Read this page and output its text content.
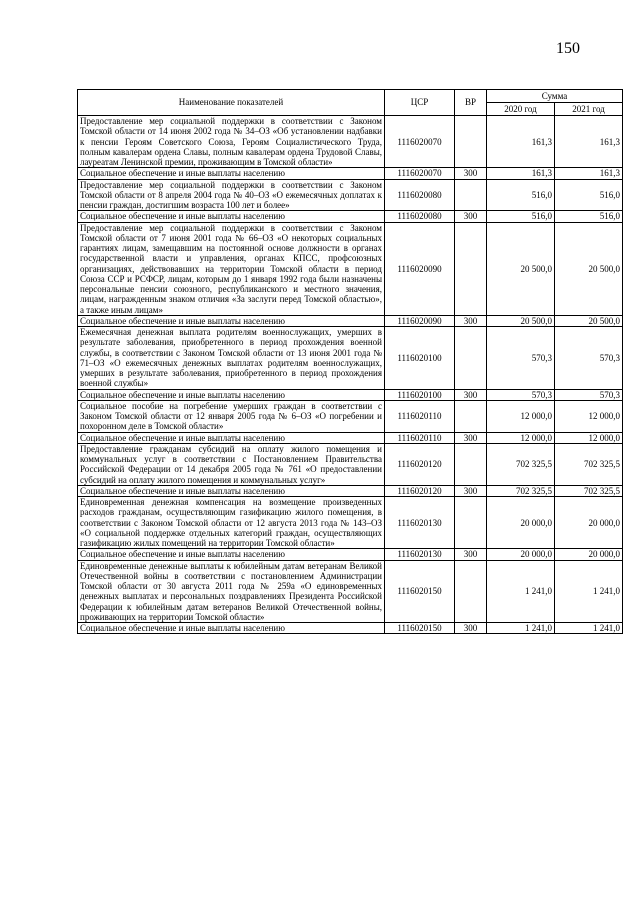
150
Наименование показателей	ЦСР	ВР	Сумма	
			2020 год	2021 год
Предоставление мер социальной поддержки в соответствии с Законом Томской области от 14 июня 2002 года № 34–ОЗ «Об установлении надбавки к пенсии Героям Советского Союза, Героям Социалистического Труда, полным кавалерам ордена Славы, полным кавалерам ордена Трудовой Славы, лауреатам Ленинской премии, проживающим в Томской области»	1116020070		161,3	161,3
Социальное обеспечение и иные выплаты населению	1116020070	300	161,3	161,3
Предоставление мер социальной поддержки в соответствии с Законом Томской области от 8 апреля 2004 года № 40–ОЗ «О ежемесячных доплатах к пенсии граждан, достигшим возраста 100 лет и более»	1116020080		516,0	516,0
Социальное обеспечение и иные выплаты населению	1116020080	300	516,0	516,0
Предоставление мер социальной поддержки в соответствии с Законом Томской области от 7 июня 2001 года № 66–ОЗ «О некоторых социальных гарантиях лицам, замещавшим на постоянной основе должности в органах государственной власти и управления, органах КПСС, профсоюзных организациях, действовавших на территории Томской области в период Союза ССР и РСФСР, лицам, которым до 1 января 1992 года были назначены персональные пенсии союзного, республиканского и местного значения, лицам, награжденным знаком отличия «За заслуги перед Томской областью», а также иным лицам»	1116020090		20 500,0	20 500,0
Социальное обеспечение и иные выплаты населению	1116020090	300	20 500,0	20 500,0
Ежемесячная денежная выплата родителям военнослужащих, умерших в результате заболевания, приобретенного в период прохождения военной службы, в соответствии с Законом Томской области от 13 июня 2001 года № 71–ОЗ «О ежемесячных денежных выплатах родителям военнослужащих, умерших в результате заболевания, приобретенного в период прохождения военной службы»	1116020100		570,3	570,3
Социальное обеспечение и иные выплаты населению	1116020100	300	570,3	570,3
Социальное пособие на погребение умерших граждан в соответствии с Законом Томской области от 12 января 2005 года № 6–ОЗ «О погребении и похоронном деле в Томской области»	1116020110		12 000,0	12 000,0
Социальное обеспечение и иные выплаты населению	1116020110	300	12 000,0	12 000,0
Предоставление гражданам субсидий на оплату жилого помещения и коммунальных услуг в соответствии с Постановлением Правительства Российской Федерации от 14 декабря 2005 года № 761 «О предоставлении субсидий на оплату жилого помещения и коммунальных услуг»	1116020120		702 325,5	702 325,5
Социальное обеспечение и иные выплаты населению	1116020120	300	702 325,5	702 325,5
Единовременная денежная компенсация на возмещение произведенных расходов гражданам, осуществляющим газификацию жилого помещения, в соответствии с Законом Томской области от 12 августа 2013 года № 143–ОЗ «О социальной поддержке отдельных категорий граждан, осуществляющих газификацию жилых помещений на территории Томской области»	1116020130		20 000,0	20 000,0
Социальное обеспечение и иные выплаты населению	1116020130	300	20 000,0	20 000,0
Единовременные денежные выплаты к юбилейным датам ветеранам Великой Отечественной войны в соответствии с постановлением Администрации Томской области от 30 августа 2011 года № 259а «О единовременных денежных выплатах и персональных поздравлениях Президента Российской Федерации к юбилейным датам ветеранов Великой Отечественной войны, проживающих на территории Томской области»	1116020150		1 241,0	1 241,0
Социальное обеспечение и иные выплаты населению	1116020150	300	1 241,0	1 241,0
